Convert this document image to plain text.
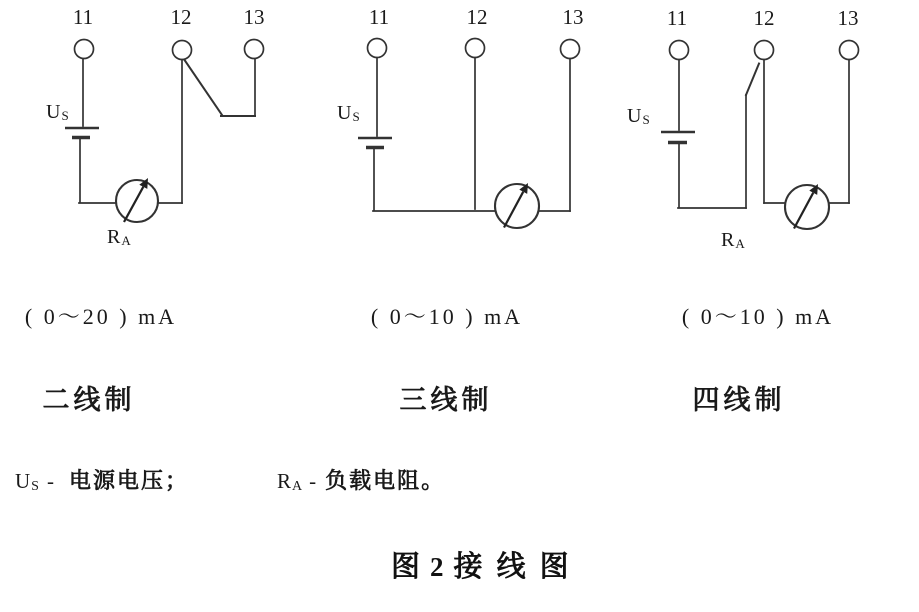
11	12 13	11	12	13	11	12	13
$U_S$
$R_A$
$U_S$	$U_S$
$R_A$
( 0～20 ) mA	( 0～10 ) mA	( 0～10 ) mA
二线制	三线制	四线制
$U_S$ - 电源电压；	$R_A$ - 负载电阻。
图 2 接 线 图
